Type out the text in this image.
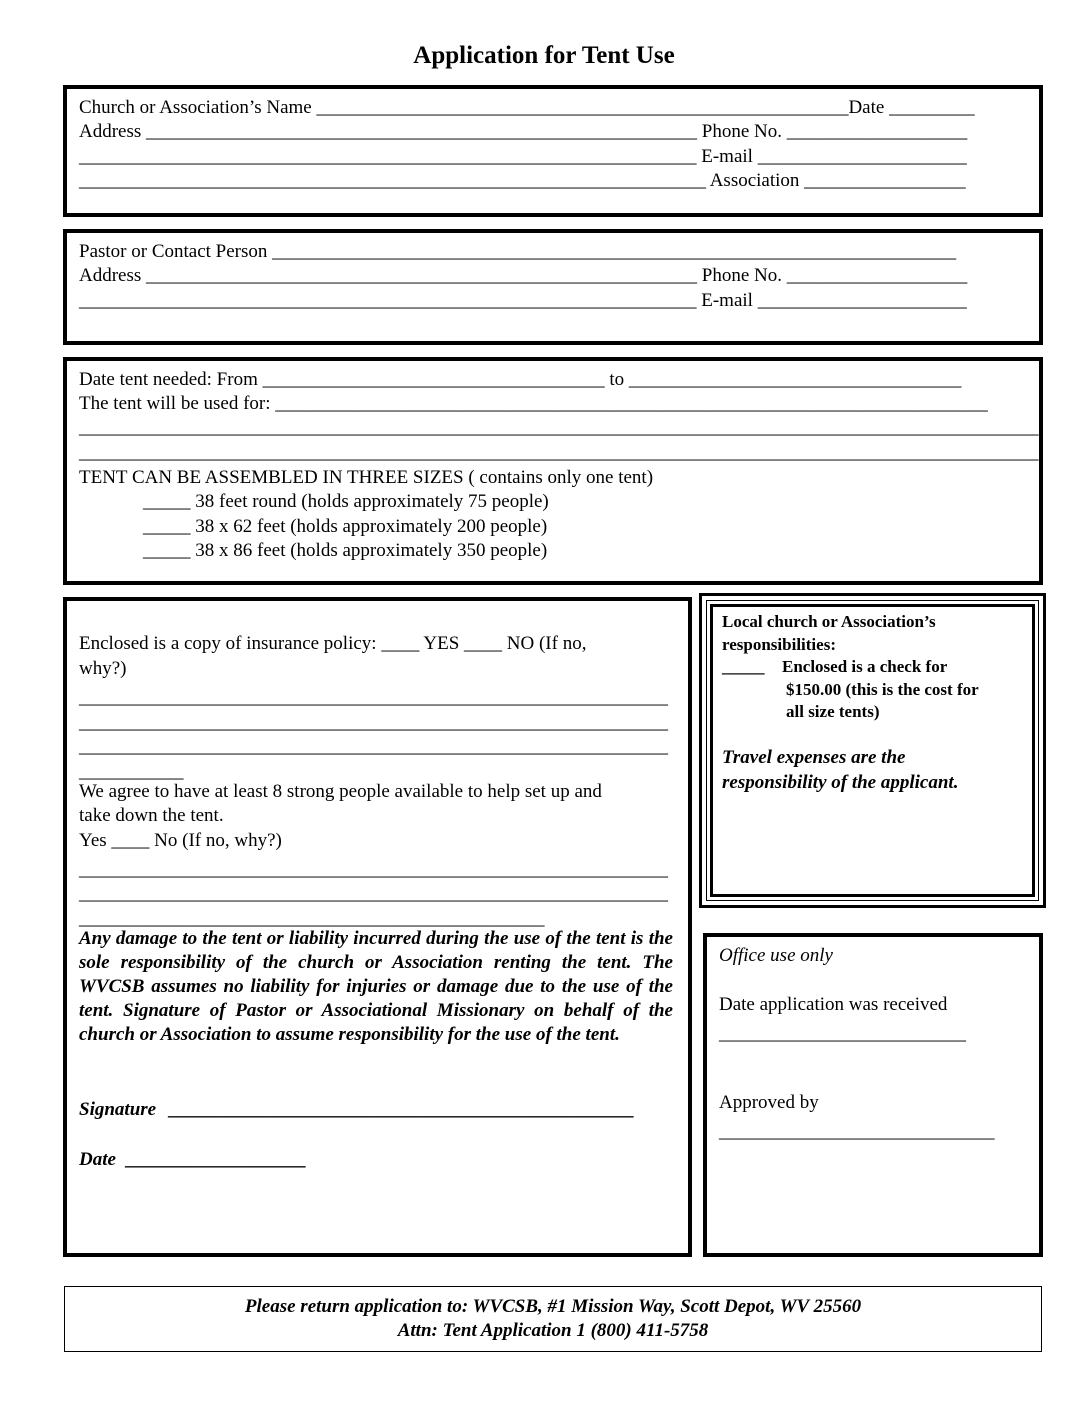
Application for Tent Use
Church or Association’s Name ________________________________________________________Date _________
Address __________________________________________________________ Phone No. ___________________
_________________________________________________________________ E-mail ______________________
__________________________________________________________________ Association _________________
Pastor or Contact Person ________________________________________________________________________
Address __________________________________________________________ Phone No. ___________________
_________________________________________________________________ E-mail ______________________
Date tent needed: From ____________________________________ to ___________________________________
The tent will be used for: ___________________________________________________________________________
_____________________________________________________________________________________________________
_____________________________________________________________________________________________________
TENT CAN BE ASSEMBLED IN THREE SIZES ( contains only one tent)
_____ 38 feet round (holds approximately 75 people)
_____ 38 x 62 feet (holds approximately 200 people)
_____ 38 x 86 feet (holds approximately 350 people)
Enclosed is a copy of insurance policy: ____ YES ____ NO (If no,
why?)
______________________________________________________________
______________________________________________________________
______________________________________________________________
___________
We agree to have at least 8 strong people available to help set up and
take down the tent.
Yes ____ No (If no, why?)
______________________________________________________________
______________________________________________________________
_________________________________________________
Any damage to the tent or liability incurred during the use of the tent is the sole responsibility of the church or Association renting the tent. The WVCSB assumes no liability for injuries or damage due to the use of the tent. Signature of Pastor or Associational Missionary on behalf of the church or Association to assume responsibility for the use of the tent.
Signature _________________________________________________
Date ___________________
Local church or Association’s
responsibilities:
_____ Enclosed is a check for
$150.00 (this is the cost for
all size tents)
Travel expenses are the
responsibility of the applicant.
Office use only
Date application was received
__________________________
Approved by
_____________________________
Please return application to: WVCSB, #1 Mission Way, Scott Depot, WV 25560
Attn: Tent Application 1 (800) 411-5758
